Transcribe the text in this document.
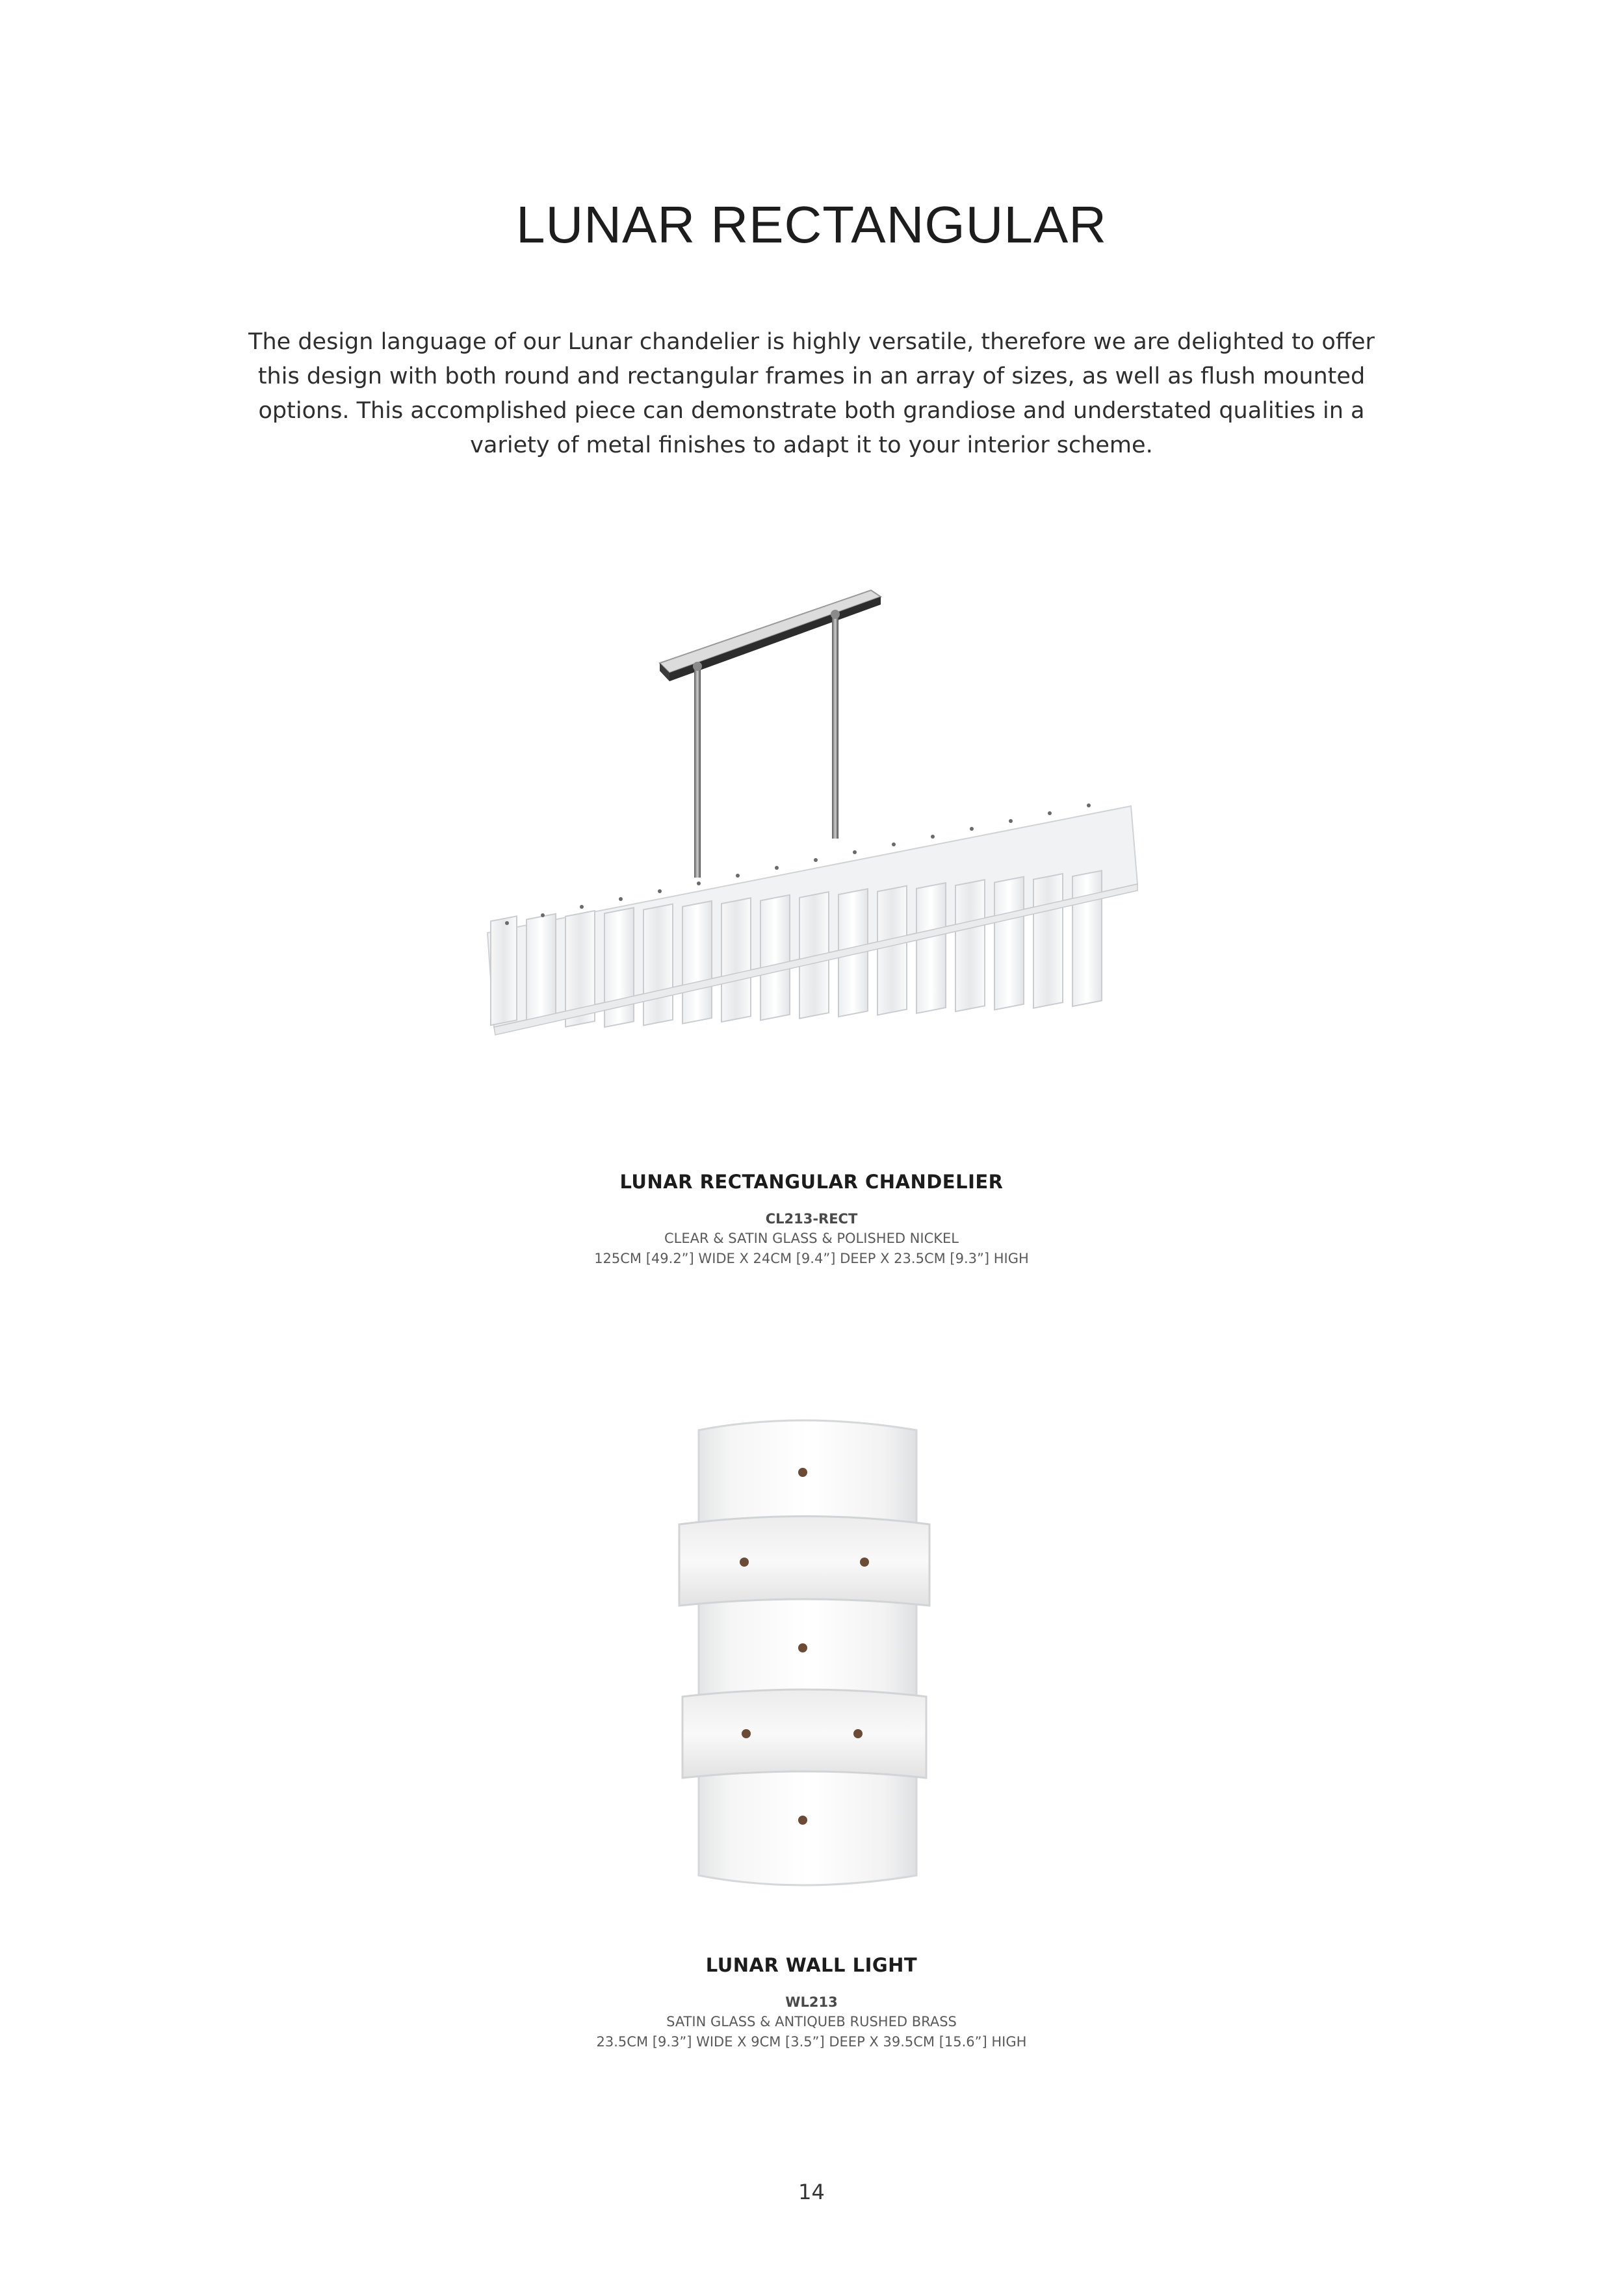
LUNAR RECTANGULAR

The design language of our Lunar chandelier is highly versatile, therefore we are delighted to offer this design with both round and rectangular frames in an array of sizes, as well as flush mounted options. This accomplished piece can demonstrate both grandiose and understated qualities in a variety of metal finishes to adapt it to your interior scheme.

LUNAR RECTANGULAR CHANDELIER

CL213-RECT

CLEAR & SATIN GLASS & POLISHED NICKEL

125CM [49.2”] WIDE X 24CM [9.4”] DEEP X 23.5CM [9.3”] HIGH

LUNAR WALL LIGHT

WL213

SATIN GLASS & ANTIQUEB RUSHED BRASS

23.5CM [9.3”] WIDE X 9CM [3.5”] DEEP X 39.5CM [15.6”] HIGH

14
